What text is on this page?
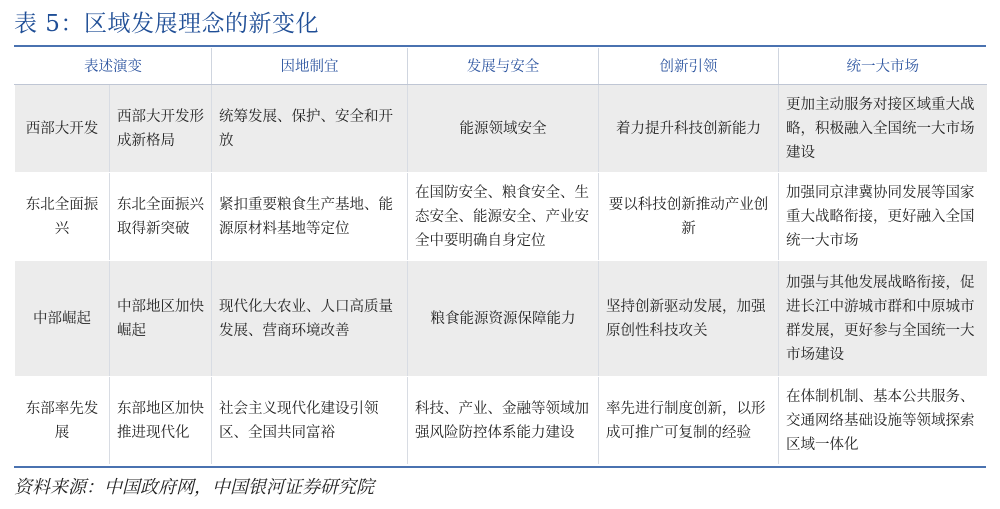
表 5：区域发展理念的新变化
表述演变		因地制宜	发展与安全	创新引领	统一大市场
西部大开发	西部大开发形成新格局	统筹发展、保护、安全和开放	能源领域安全	着力提升科技创新能力	更加主动服务对接区域重大战略，积极融入全国统一大市场建设
东北全面振兴	东北全面振兴取得新突破	紧扣重要粮食生产基地、能源原材料基地等定位	在国防安全、粮食安全、生态安全、能源安全、产业安全中要明确自身定位	要以科技创新推动产业创新	加强同京津冀协同发展等国家重大战略衔接，更好融入全国统一大市场
中部崛起	中部地区加快崛起	现代化大农业、人口高质量发展、营商环境改善	粮食能源资源保障能力	坚持创新驱动发展，加强原创性科技攻关	加强与其他发展战略衔接，促进长江中游城市群和中原城市群发展，更好参与全国统一大市场建设
东部率先发展	东部地区加快推进现代化	社会主义现代化建设引领区、全国共同富裕	科技、产业、金融等领域加强风险防控体系能力建设	率先进行制度创新，以形成可推广可复制的经验	在体制机制、基本公共服务、交通网络基础设施等领域探索区域一体化
资料来源：中国政府网，中国银河证券研究院
